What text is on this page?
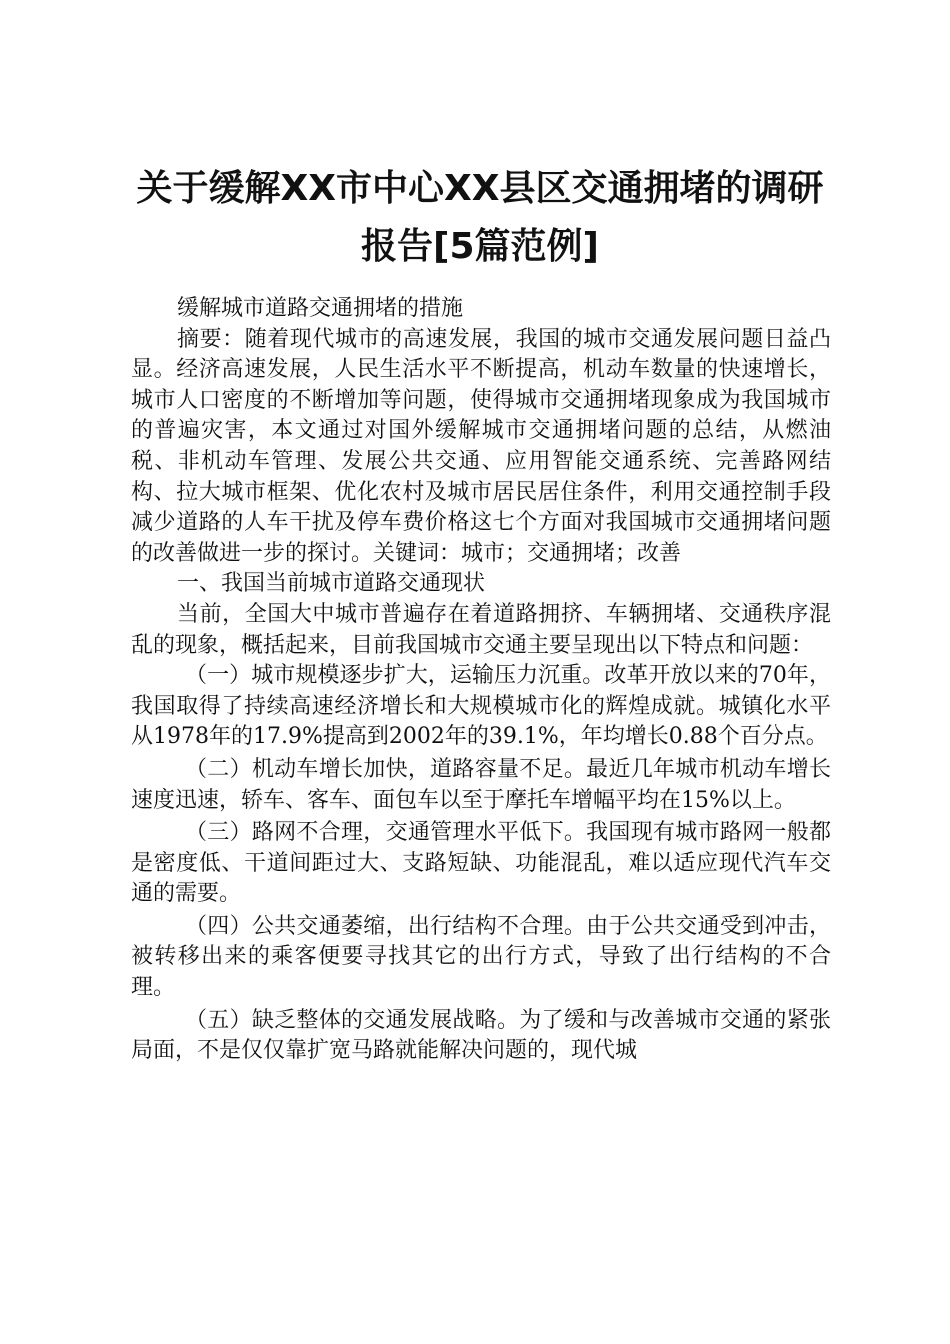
关于缓解XX市中心XX县区交通拥堵的调研报告[5篇范例]

缓解城市道路交通拥堵的措施

摘要：随着现代城市的高速发展，我国的城市交通发展问题日益凸显。经济高速发展，人民生活水平不断提高，机动车数量的快速增长，城市人口密度的不断增加等问题，使得城市交通拥堵现象成为我国城市的普遍灾害，本文通过对国外缓解城市交通拥堵问题的总结，从燃油税、非机动车管理、发展公共交通、应用智能交通系统、完善路网结构、拉大城市框架、优化农村及城市居民居住条件，利用交通控制手段减少道路的人车干扰及停车费价格这七个方面对我国城市交通拥堵问题的改善做进一步的探讨。关键词：城市；交通拥堵；改善

一、我国当前城市道路交通现状

当前，全国大中城市普遍存在着道路拥挤、车辆拥堵、交通秩序混乱的现象，概括起来，目前我国城市交通主要呈现出以下特点和问题：

（一）城市规模逐步扩大，运输压力沉重。改革开放以来的70年，我国取得了持续高速经济增长和大规模城市化的辉煌成就。城镇化水平从1978年的17.9%提高到2002年的39.1%，年均增长0.88个百分点。

（二）机动车增长加快，道路容量不足。最近几年城市机动车增长速度迅速，轿车、客车、面包车以至于摩托车增幅平均在15%以上。

（三）路网不合理，交通管理水平低下。我国现有城市路网一般都是密度低、干道间距过大、支路短缺、功能混乱，难以适应现代汽车交通的需要。

（四）公共交通萎缩，出行结构不合理。由于公共交通受到冲击，被转移出来的乘客便要寻找其它的出行方式，导致了出行结构的不合理。

（五）缺乏整体的交通发展战略。为了缓和与改善城市交通的紧张局面，不是仅仅靠扩宽马路就能解决问题的，现代城
